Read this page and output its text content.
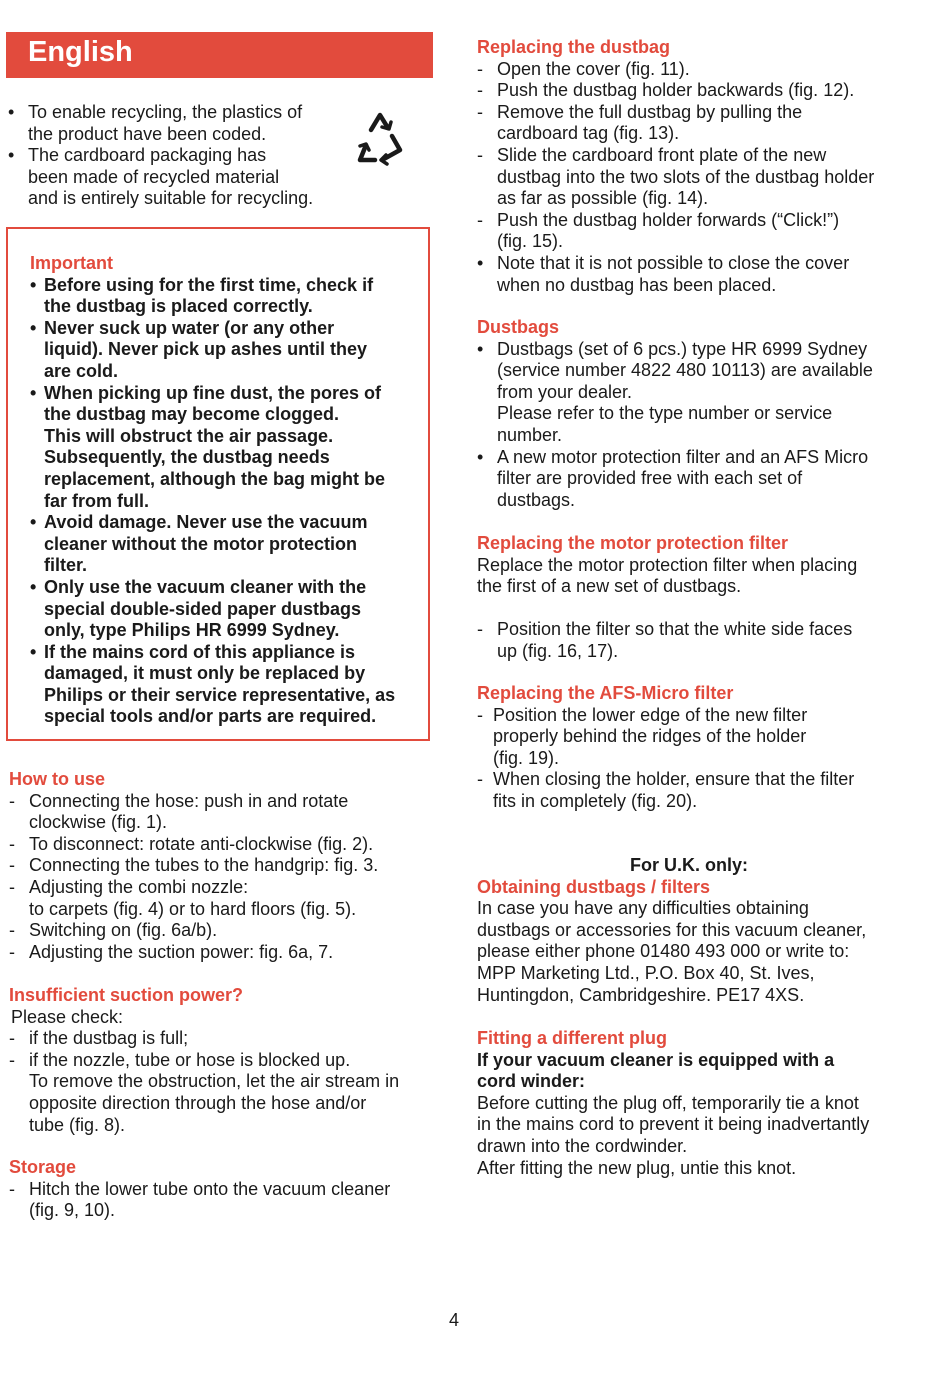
English
• To enable recycling, the plastics of
the product have been coded.
• The cardboard packaging has
been made of recycled material
and is entirely suitable for recycling.
Important
• Before using for the first time, check if
the dustbag is placed correctly.
• Never suck up water (or any other
liquid). Never pick up ashes until they
are cold.
• When picking up fine dust, the pores of
the dustbag may become clogged.
This will obstruct the air passage.
Subsequently, the dustbag needs
replacement, although the bag might be
far from full.
• Avoid damage. Never use the vacuum
cleaner without the motor protection
filter.
• Only use the vacuum cleaner with the
special double-sided paper dustbags
only, type Philips HR 6999 Sydney.
• If the mains cord of this appliance is
damaged, it must only be replaced by
Philips or their service representative, as
special tools and/or parts are required.
How to use
- Connecting the hose: push in and rotate
clockwise (fig. 1).
- To disconnect: rotate anti-clockwise (fig. 2).
- Connecting the tubes to the handgrip: fig. 3.
- Adjusting the combi nozzle:
to carpets (fig. 4) or to hard floors (fig. 5).
- Switching on (fig. 6a/b).
- Adjusting the suction power: fig. 6a, 7.
Insufficient suction power?
Please check:
- if the dustbag is full;
- if the nozzle, tube or hose is blocked up.
To remove the obstruction, let the air stream in
opposite direction through the hose and/or
tube (fig. 8).
Storage
- Hitch the lower tube onto the vacuum cleaner
(fig. 9, 10).
Replacing the dustbag
- Open the cover (fig. 11).
- Push the dustbag holder backwards (fig. 12).
- Remove the full dustbag by pulling the
cardboard tag (fig. 13).
- Slide the cardboard front plate of the new
dustbag into the two slots of the dustbag holder
as far as possible (fig. 14).
- Push the dustbag holder forwards (“Click!”)
(fig. 15).
• Note that it is not possible to close the cover
when no dustbag has been placed.
Dustbags
• Dustbags (set of 6 pcs.) type HR 6999 Sydney
(service number 4822 480 10113) are available
from your dealer.
Please refer to the type number or service
number.
• A new motor protection filter and an AFS Micro
filter are provided free with each set of
dustbags.
Replacing the motor protection filter
Replace the motor protection filter when placing
the first of a new set of dustbags.
- Position the filter so that the white side faces
up (fig. 16, 17).
Replacing the AFS-Micro filter
- Position the lower edge of the new filter
properly behind the ridges of the holder
(fig. 19).
- When closing the holder, ensure that the filter
fits in completely (fig. 20).
For U.K. only:
Obtaining dustbags / filters
In case you have any difficulties obtaining
dustbags or accessories for this vacuum cleaner,
please either phone 01480 493 000 or write to:
MPP Marketing Ltd., P.O. Box 40, St. Ives,
Huntingdon, Cambridgeshire. PE17 4XS.
Fitting a different plug
If your vacuum cleaner is equipped with a
cord winder:
Before cutting the plug off, temporarily tie a knot
in the mains cord to prevent it being inadvertantly
drawn into the cordwinder.
After fitting the new plug, untie this knot.
4
